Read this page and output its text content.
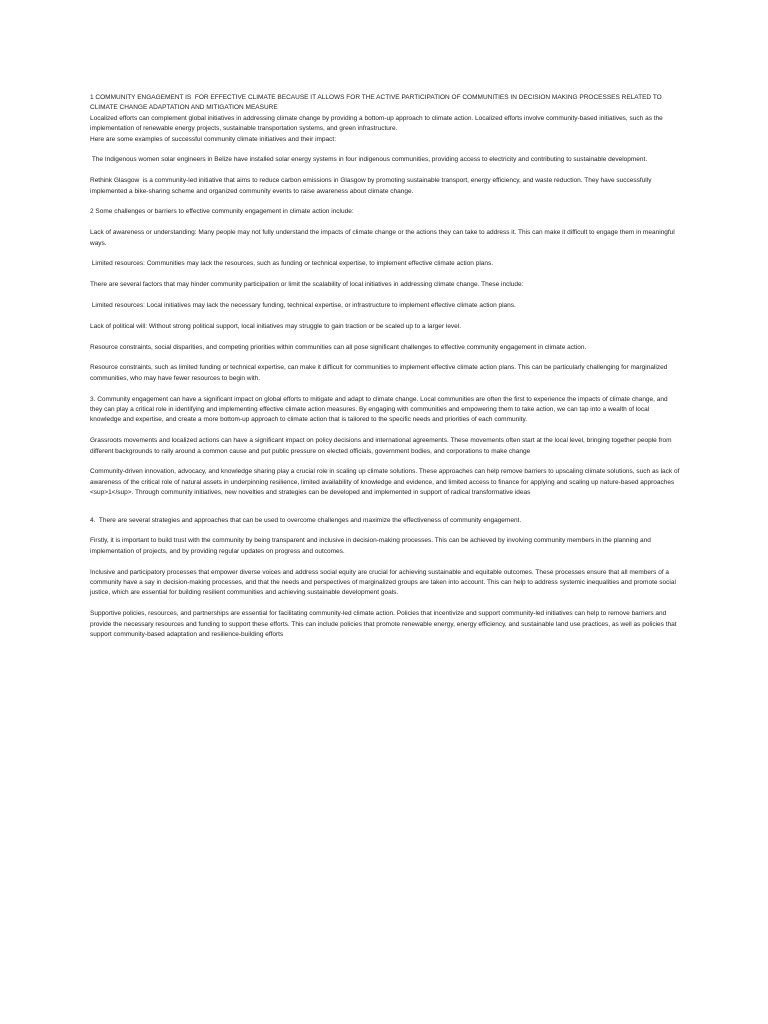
1 COMMUNITY ENGAGEMENT IS  FOR EFFECTIVE CLIMATE BECAUSE IT ALLOWS FOR THE ACTIVE PARTICIPATION OF COMMUNITIES IN DECISION MAKING PROCESSES RELATED TO CLIMATE CHANGE ADAPTATION AND MITIGATION MEASURE

Localized efforts can complement global initiatives in addressing climate change by providing a bottom-up approach to climate action. Localized efforts involve community-based initiatives, such as the implementation of renewable energy projects, sustainable transportation systems, and green infrastructure.

Here are some examples of successful community climate initiatives and their impact:

The Indigenous women solar engineers in Belize have installed solar energy systems in four indigenous communities, providing access to electricity and contributing to sustainable development.

Rethink Glasgow  is a community-led initiative that aims to reduce carbon emissions in Glasgow by promoting sustainable transport, energy efficiency, and waste reduction. They have successfully implemented a bike-sharing scheme and organized community events to raise awareness about climate change.

2 Some challenges or barriers to effective community engagement in climate action include:

Lack of awareness or understanding: Many people may not fully understand the impacts of climate change or the actions they can take to address it. This can make it difficult to engage them in meaningful ways.

Limited resources: Communities may lack the resources, such as funding or technical expertise, to implement effective climate action plans.

There are several factors that may hinder community participation or limit the scalability of local initiatives in addressing climate change. These include:

Limited resources: Local initiatives may lack the necessary funding, technical expertise, or infrastructure to implement effective climate action plans.

Lack of political will: Without strong political support, local initiatives may struggle to gain traction or be scaled up to a larger level.

Resource constraints, social disparities, and competing priorities within communities can all pose significant challenges to effective community engagement in climate action.

Resource constraints, such as limited funding or technical expertise, can make it difficult for communities to implement effective climate action plans. This can be particularly challenging for marginalized communities, who may have fewer resources to begin with.

3. Community engagement can have a significant impact on global efforts to mitigate and adapt to climate change. Local communities are often the first to experience the impacts of climate change, and they can play a critical role in identifying and implementing effective climate action measures. By engaging with communities and empowering them to take action, we can tap into a wealth of local knowledge and expertise, and create a more bottom-up approach to climate action that is tailored to the specific needs and priorities of each community.

Grassroots movements and localized actions can have a significant impact on policy decisions and international agreements. These movements often start at the local level, bringing together people from different backgrounds to rally around a common cause and put public pressure on elected officials, government bodies, and corporations to make change

Community-driven innovation, advocacy, and knowledge sharing play a crucial role in scaling up climate solutions. These approaches can help remove barriers to upscaling climate solutions, such as lack of awareness of the critical role of natural assets in underpinning resilience, limited availability of knowledge and evidence, and limited access to finance for applying and scaling up nature-based approaches <sup>1</sup>. Through community initiatives, new novelties and strategies can be developed and implemented in support of radical transformative ideas

4.  There are several strategies and approaches that can be used to overcome challenges and maximize the effectiveness of community engagement.

Firstly, it is important to build trust with the community by being transparent and inclusive in decision-making processes. This can be achieved by involving community members in the planning and implementation of projects, and by providing regular updates on progress and outcomes.

Inclusive and participatory processes that empower diverse voices and address social equity are crucial for achieving sustainable and equitable outcomes. These processes ensure that all members of a community have a say in decision-making processes, and that the needs and perspectives of marginalized groups are taken into account. This can help to address systemic inequalities and promote social justice, which are essential for building resilient communities and achieving sustainable development goals.

Supportive policies, resources, and partnerships are essential for facilitating community-led climate action. Policies that incentivize and support community-led initiatives can help to remove barriers and provide the necessary resources and funding to support these efforts. This can include policies that promote renewable energy, energy efficiency, and sustainable land use practices, as well as policies that support community-based adaptation and resilience-building efforts
